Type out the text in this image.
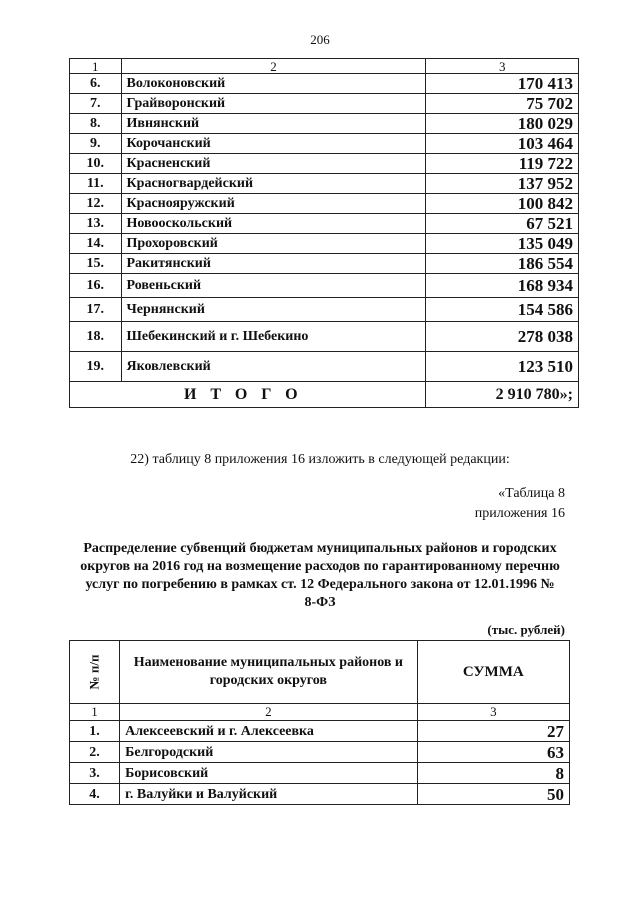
206
1	2	3
6.	Волоконовский	170 413
7.	Грайворонский	75 702
8.	Ивнянский	180 029
9.	Корочанский	103 464
10.	Красненский	119 722
11.	Красногвардейский	137 952
12.	Краснояружский	100 842
13.	Новооскольский	67 521
14.	Прохоровский	135 049
15.	Ракитянский	186 554
16.	Ровеньский	168 934
17.	Чернянский	154 586
18.	Шебекинский и г. Шебекино	278 038
19.	Яковлевский	123 510
ИТОГО		2 910 780»;
22) таблицу 8 приложения 16 изложить в следующей редакции:
«Таблица 8
приложения 16
Распределение субвенций бюджетам муниципальных районов и городских округов на 2016 год на возмещение расходов по гарантированному перечню услуг по погребению в рамках ст. 12 Федерального закона от 12.01.1996 № 8-ФЗ
(тыс. рублей)
№ п/п	Наименование муниципальных районов и городских округов	СУММА
1	2	3
1.	Алексеевский и г. Алексеевка	27
2.	Белгородский	63
3.	Борисовский	8
4.	г. Валуйки и Валуйский	50
